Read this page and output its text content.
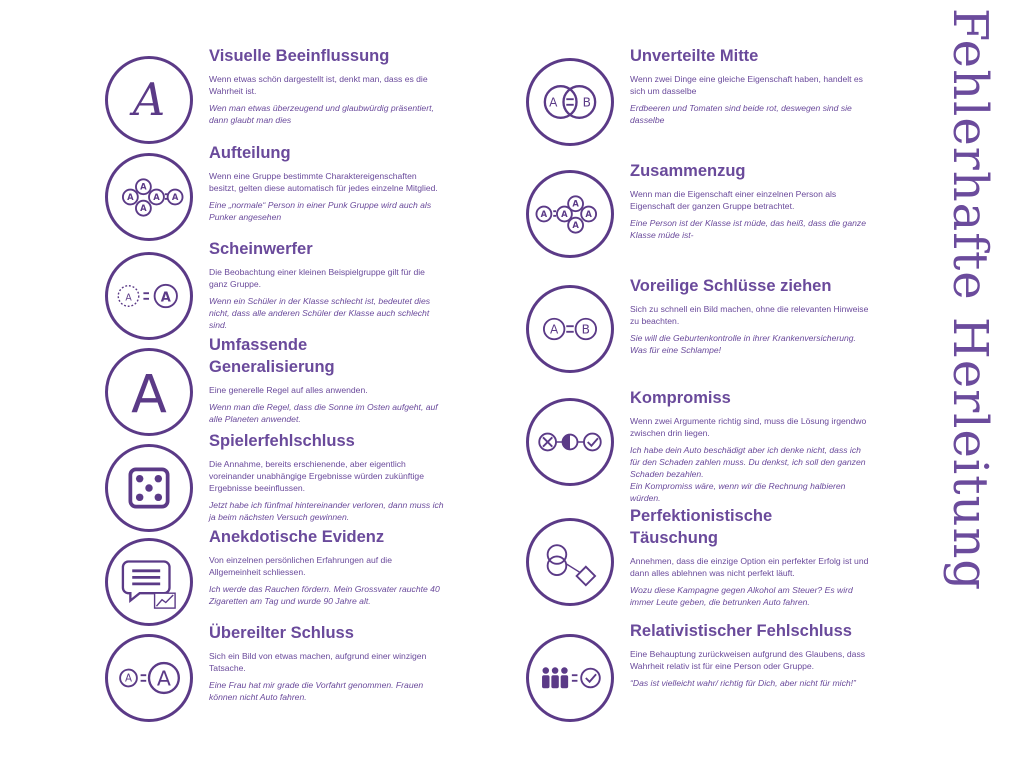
A
Visuelle Beeinflussung

Wenn etwas schön dargestellt ist, denkt man, dass es die Wahrheit ist.

Wen man etwas überzeugend und glaubwürdig präsentiert, dann glaubt man dies

A
A
A
A A
Aufteilung

Wenn eine Gruppe bestimmte Charaktereigenschaften besitzt, gelten diese automatisch für jedes einzelne Mitglied.

Eine „normale“ Person in einer Punk Gruppe wird auch als Punker angesehen

A A
Scheinwerfer

Die Beobachtung einer kleinen Beispielgruppe gilt für die ganz Gruppe.

Wenn ein Schüler in der Klasse schlecht ist, bedeutet dies nicht, dass alle anderen Schüler der Klasse auch schlecht sind.

A
Umfassende Generalisierung

Eine generelle Regel auf alles anwenden.

Wenn man die Regel, dass die Sonne im Osten aufgeht, auf alle Planeten anwendet.

Spielerfehlschluss

Die Annahme, bereits erschienende, aber eigentlich voreinander unabhängige Ergebnisse würden zukünftige Ergebnisse beeinflussen.

Jetzt habe ich fünfmal hintereinander verloren, dann muss ich ja beim nächsten Versuch gewinnen.

Anekdotische Evidenz

Von einzelnen persönlichen Erfahrungen auf die Allgemeinheit schliessen.

Ich werde das Rauchen fördern. Mein Grossvater rauchte 40 Zigaretten am Tag und wurde 90 Jahre alt.

A A
Übereilter Schluss

Sich ein Bild von etwas machen, aufgrund einer winzigen Tatsache.

Eine Frau hat mir grade die Vorfahrt genommen. Frauen können nicht Auto fahren.

A B
Unverteilte Mitte

Wenn zwei Dinge eine gleiche Eigenschaft haben, handelt es sich um dasselbe

Erdbeeren und Tomaten sind beide rot, deswegen sind sie dasselbe

A
A
A
A
A
Zusammenzug

Wenn man die Eigenschaft einer einzelnen Person als Eigenschaft der ganzen Gruppe betrachtet.

Eine Person ist der Klasse ist müde, das heiß, dass die ganze Klasse müde ist-

A B
Voreilige Schlüsse ziehen

Sich zu schnell ein Bild machen, ohne die relevanten Hinweise zu beachten.

Sie will die Geburtenkontrolle in ihrer Krankenversicherung. Was für eine Schlampe!

Kompromiss

Wenn zwei Argumente richtig sind, muss die Lösung irgendwo zwischen drin liegen.

Ich habe dein Auto beschädigt aber ich denke nicht, dass ich für den Schaden zahlen muss. Du denkst, ich soll den ganzen Schaden bezahlen.
Ein Kompromiss wäre, wenn wir die Rechnung halbieren würden.

Perfektionistische Täuschung

Annehmen, dass die einzige Option ein perfekter Erfolg ist und dann alles ablehnen was nicht perfekt läuft.

Wozu diese Kampagne gegen Alkohol am Steuer? Es wird immer Leute geben, die betrunken Auto fahren.

Relativistischer Fehlschluss

Eine Behauptung zurückweisen aufgrund des Glaubens, dass Wahrheit relativ ist für eine Person oder Gruppe.

“Das ist vielleicht wahr/ richtig für Dich, aber nicht für mich!”

Fehlerhafte Herleitung
